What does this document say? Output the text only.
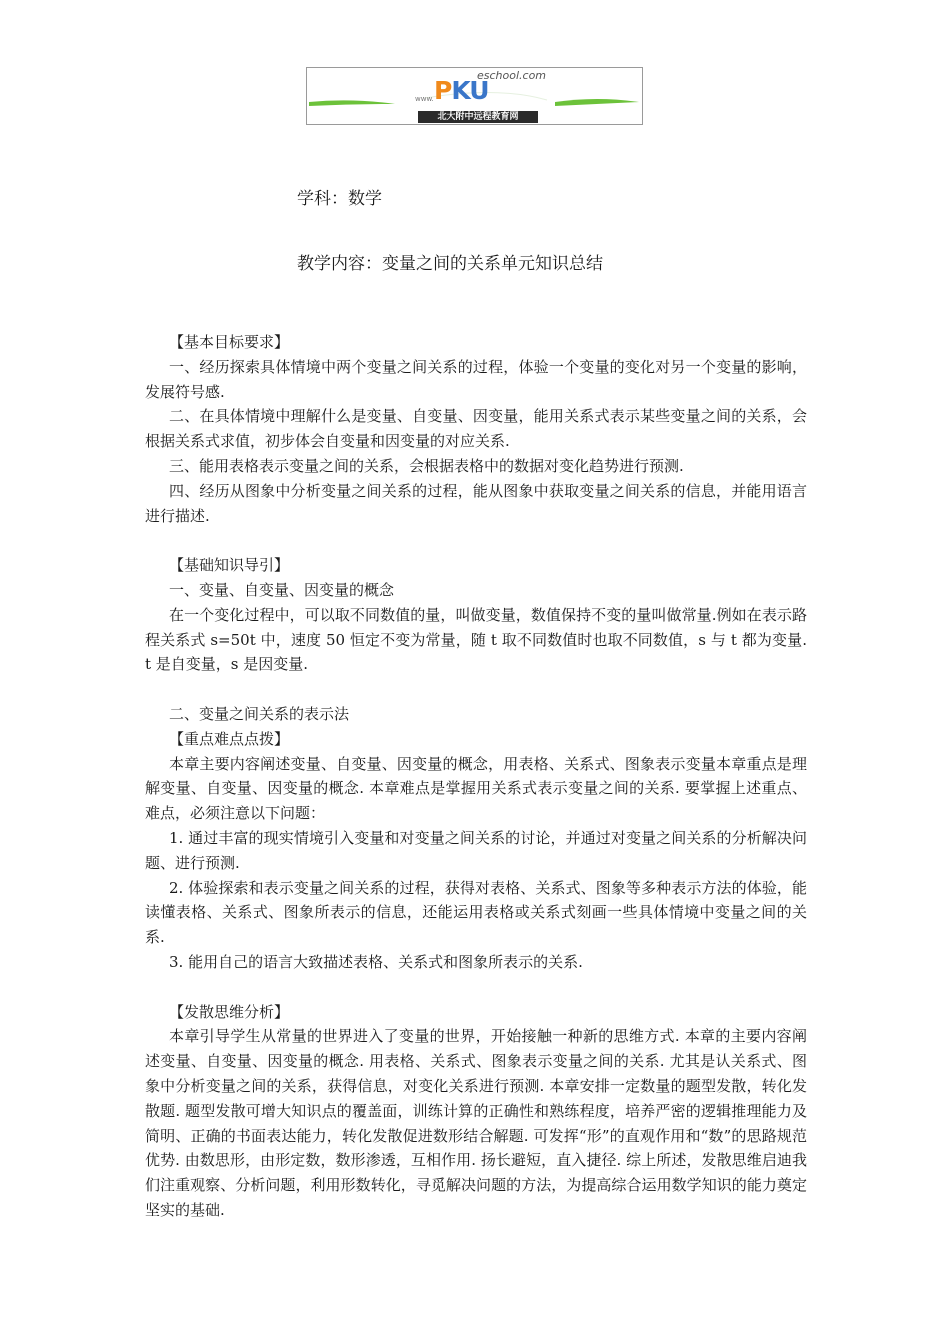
eschool.com
www. PKU
北大附中远程教育网
学科：数学
教学内容：变量之间的关系单元知识总结

【基本目标要求】

一、经历探索具体情境中两个变量之间关系的过程，体验一个变量的变化对另一个变量的影响，发展符号感.

二、在具体情境中理解什么是变量、自变量、因变量，能用关系式表示某些变量之间的关系，会根据关系式求值，初步体会自变量和因变量的对应关系.

三、能用表格表示变量之间的关系，会根据表格中的数据对变化趋势进行预测.

四、经历从图象中分析变量之间关系的过程，能从图象中获取变量之间关系的信息，并能用语言进行描述.

【基础知识导引】

一、变量、自变量、因变量的概念

在一个变化过程中，可以取不同数值的量，叫做变量，数值保持不变的量叫做常量.例如在表示路程关系式 s=50t 中，速度 50 恒定不变为常量，随 t 取不同数值时也取不同数值，s 与 t 都为变量. t 是自变量，s 是因变量.

二、变量之间关系的表示法

【重点难点点拨】

本章主要内容阐述变量、自变量、因变量的概念，用表格、关系式、图象表示变量本章重点是理解变量、自变量、因变量的概念. 本章难点是掌握用关系式表示变量之间的关系. 要掌握上述重点、难点，必须注意以下问题：

1. 通过丰富的现实情境引入变量和对变量之间关系的讨论，并通过对变量之间关系的分析解决问题、进行预测.

2. 体验探索和表示变量之间关系的过程，获得对表格、关系式、图象等多种表示方法的体验，能读懂表格、关系式、图象所表示的信息，还能运用表格或关系式刻画一些具体情境中变量之间的关系.

3. 能用自己的语言大致描述表格、关系式和图象所表示的关系.

【发散思维分析】

本章引导学生从常量的世界进入了变量的世界，开始接触一种新的思维方式. 本章的主要内容阐述变量、自变量、因变量的概念. 用表格、关系式、图象表示变量之间的关系. 尤其是认关系式、图象中分析变量之间的关系，获得信息，对变化关系进行预测. 本章安排一定数量的题型发散，转化发散题. 题型发散可增大知识点的覆盖面，训练计算的正确性和熟练程度，培养严密的逻辑推理能力及简明、正确的书面表达能力，转化发散促进数形结合解题. 可发挥“形”的直观作用和“数”的思路规范优势. 由数思形，由形定数，数形渗透，互相作用. 扬长避短，直入捷径. 综上所述，发散思维启迪我们注重观察、分析问题，利用形数转化，寻觅解决问题的方法，为提高综合运用数学知识的能力奠定坚实的基础.
